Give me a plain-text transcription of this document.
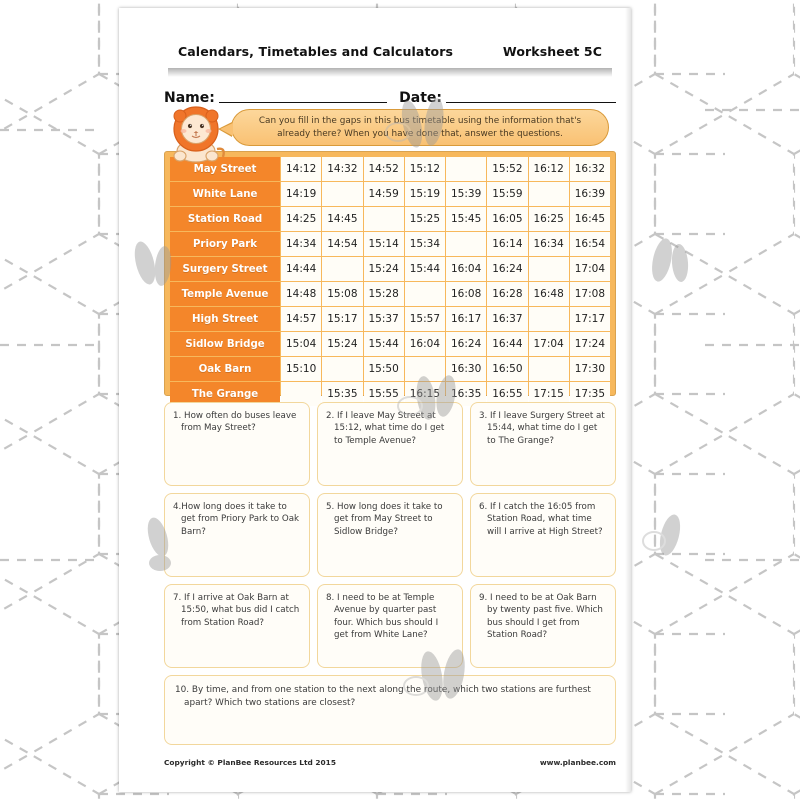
Calendars, Timetables and Calculators	Worksheet 5C
Name:	Date:

Can you fill in the gaps in this bus timetable using the information that's already there? When you have done that, answer the questions.

May Street	14:12	14:32	14:52	15:12		15:52	16:12	16:32
White Lane	14:19		14:59	15:19	15:39	15:59		16:39
Station Road	14:25	14:45		15:25	15:45	16:05	16:25	16:45
Priory Park	14:34	14:54	15:14	15:34		16:14	16:34	16:54
Surgery Street	14:44		15:24	15:44	16:04	16:24		17:04
Temple Avenue	14:48	15:08	15:28		16:08	16:28	16:48	17:08
High Street	14:57	15:17	15:37	15:57	16:17	16:37		17:17
Sidlow Bridge	15:04	15:24	15:44	16:04	16:24	16:44	17:04	17:24
Oak Barn	15:10		15:50		16:30	16:50		17:30
The Grange		15:35	15:55	16:15	16:35	16:55	17:15	17:35

1. How often do buses leave from May Street?

2. If I leave May Street at 15:12, what time do I get to Temple Avenue?

3. If I leave Surgery Street at 15:44, what time do I get to The Grange?

4.How long does it take to get from Priory Park to Oak Barn?

5. How long does it take to get from May Street to Sidlow Bridge?

6. If I catch the 16:05 from Station Road, what time will I arrive at High Street?

7. If I arrive at Oak Barn at 15:50, what bus did I catch from Station Road?

8. I need to be at Temple Avenue by quarter past four. Which bus should I get from White Lane?

9. I need to be at Oak Barn by twenty past five. Which bus should I get from Station Road?

10. By time, and from one station to the next along the route, which two stations are furthest apart? Which two stations are closest?

Copyright © PlanBee Resources Ltd 2015	www.planbee.com
